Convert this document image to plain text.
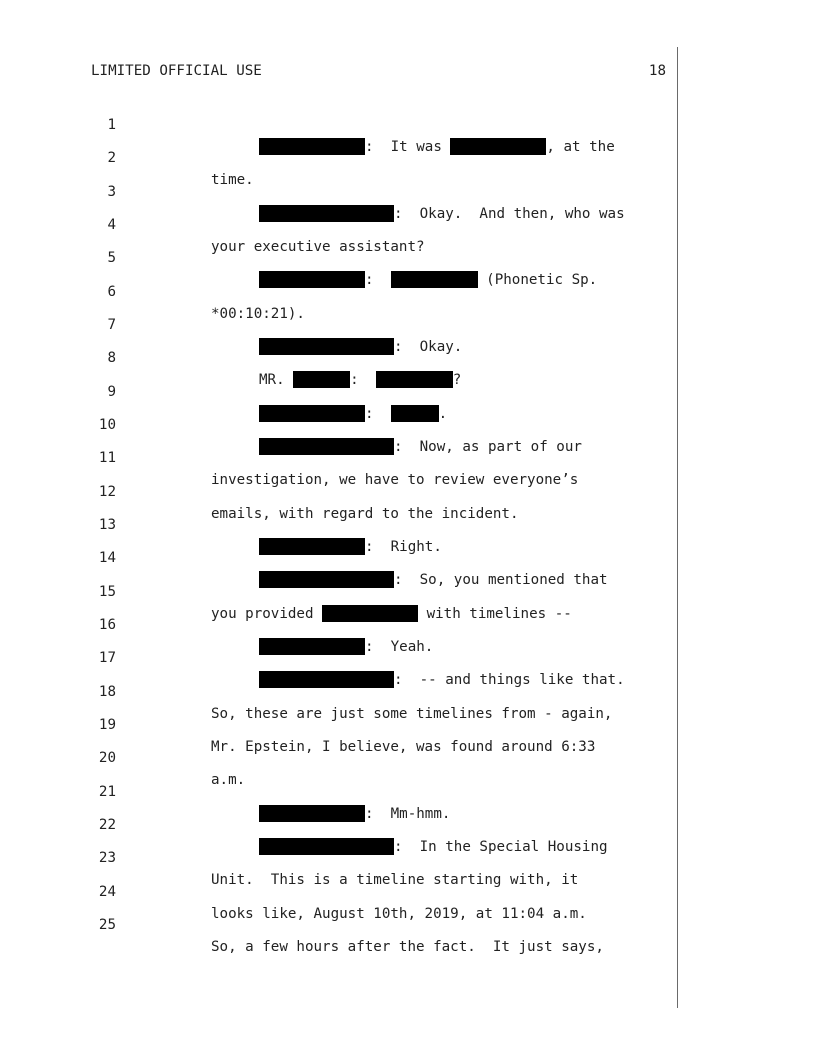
LIMITED OFFICIAL USE	18

1

:  It was	, at the

2

time.

3

:  Okay.  And then, who was

4

your executive assistant?

5

:	(Phonetic Sp.

6

*00:10:21).

7

:  Okay.

8

MR.	:	?

9

:	.

10

:  Now, as part of our

11

investigation, we have to review everyone’s

12

emails, with regard to the incident.

13

:  Right.

14

:  So, you mentioned that

15

you provided	with timelines --

16

:  Yeah.

17

:  -- and things like that.

18

So, these are just some timelines from - again,

19

Mr. Epstein, I believe, was found around 6:33

20

a.m.

21

:  Mm-hmm.

22

:  In the Special Housing

23

Unit.  This is a timeline starting with, it

24

looks like, August 10th, 2019, at 11:04 a.m.

25

So, a few hours after the fact.  It just says,
